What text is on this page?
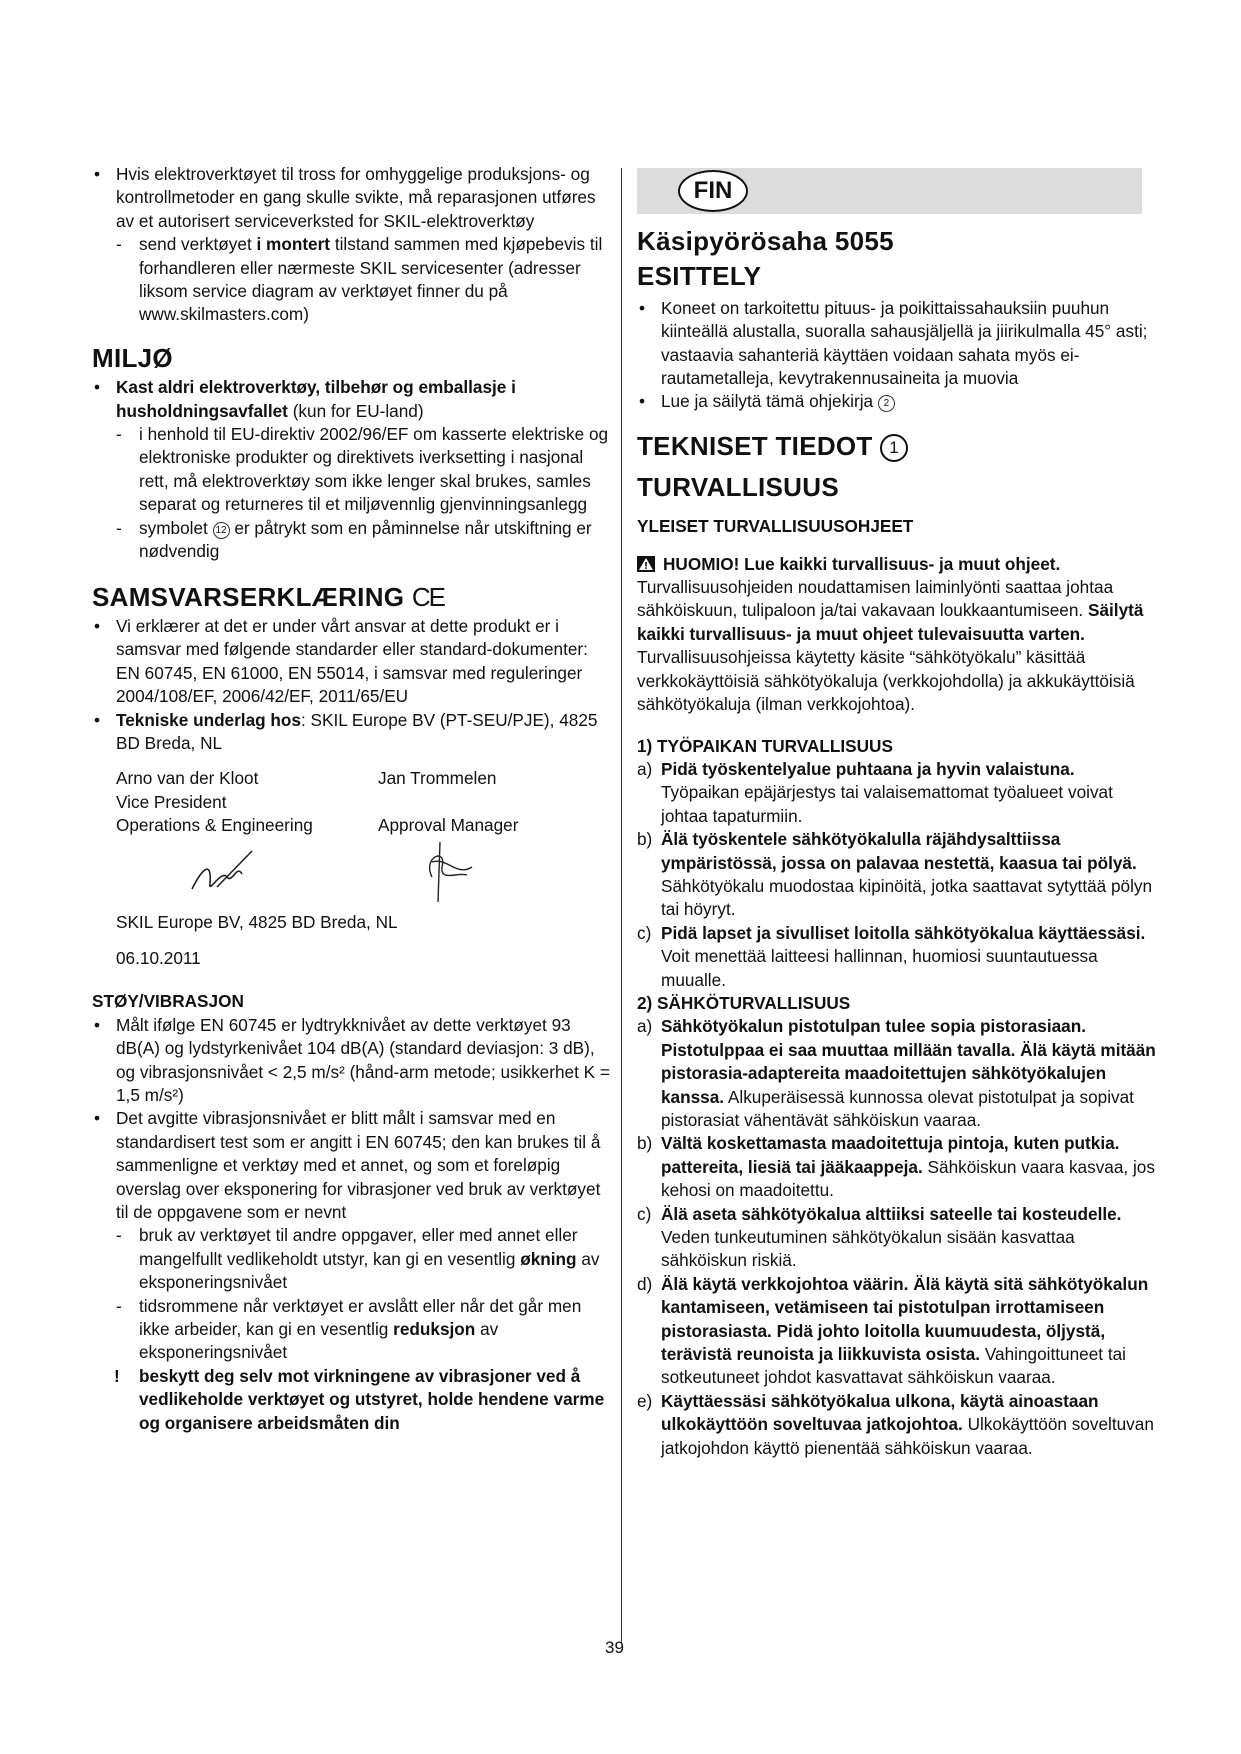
• Hvis elektroverktøyet til tross for omhyggelige produksjons- og kontrollmetoder en gang skulle svikte, må reparasjonen utføres av et autorisert serviceverksted for SKIL-elektroverktøy
- send verktøyet i montert tilstand sammen med kjøpebevis til forhandleren eller nærmeste SKIL servicesenter (adresser liksom service diagram av verktøyet finner du på www.skilmasters.com)
MILJØ
• Kast aldri elektroverktøy, tilbehør og emballasje i husholdningsavfallet (kun for EU-land)
- i henhold til EU-direktiv 2002/96/EF om kasserte elektriske og elektroniske produkter og direktivets iverksetting i nasjonal rett, må elektroverktøy som ikke lenger skal brukes, samles separat og returneres til et miljøvennlig gjenvinningsanlegg
- symbolet 12 er påtrykt som en påminnelse når utskiftning er nødvendig
SAMSVARSERKLÆRING CE
• Vi erklærer at det er under vårt ansvar at dette produkt er i samsvar med følgende standarder eller standard-dokumenter: EN 60745, EN 61000, EN 55014, i samsvar med reguleringer 2004/108/EF, 2006/42/EF, 2011/65/EU
• Tekniske underlag hos: SKIL Europe BV (PT-SEU/PJE), 4825 BD Breda, NL
Arno van der Kloot
Vice President
Operations & Engineering
Jan Trommelen
Approval Manager
SKIL Europe BV, 4825 BD Breda, NL
06.10.2011
STØY/VIBRASJON
• Målt ifølge EN 60745 er lydtrykknivået av dette verktøyet 93 dB(A) og lydstyrkenivået 104 dB(A) (standard deviasjon: 3 dB), og vibrasjonsnivået < 2,5 m/s² (hånd-arm metode; usikkerhet K = 1,5 m/s²)
• Det avgitte vibrasjonsnivået er blitt målt i samsvar med en standardisert test som er angitt i EN 60745; den kan brukes til å sammenligne et verktøy med et annet, og som et foreløpig overslag over eksponering for vibrasjoner ved bruk av verktøyet til de oppgavene som er nevnt
- bruk av verktøyet til andre oppgaver, eller med annet eller mangelfullt vedlikeholdt utstyr, kan gi en vesentlig økning av eksponeringsnivået
- tidsrommene når verktøyet er avslått eller når det går men ikke arbeider, kan gi en vesentlig reduksjon av eksponeringsnivået
! beskytt deg selv mot virkningene av vibrasjoner ved å vedlikeholde verktøyet og utstyret, holde hendene varme og organisere arbeidsmåten din
FIN
Käsipyörösaha 5055
ESITTELY
• Koneet on tarkoitettu pituus- ja poikittaissahauksiin puuhun kiinteällä alustalla, suoralla sahausjäljellä ja jiirikulmalla 45° asti; vastaavia sahanteriä käyttäen voidaan sahata myös ei-rautametalleja, kevytrakennusaineita ja muovia
• Lue ja säilytä tämä ohjekirja 2
TEKNISET TIEDOT 1
TURVALLISUUS
YLEISET TURVALLISUUSOHJEET

HUOMIO! Lue kaikki turvallisuus- ja muut ohjeet. Turvallisuusohjeiden noudattamisen laiminlyönti saattaa johtaa sähköiskuun, tulipaloon ja/tai vakavaan loukkaantumiseen. Säilytä kaikki turvallisuus- ja muut ohjeet tulevaisuutta varten. Turvallisuusohjeissa käytetty käsite “sähkötyökalu” käsittää verkkokäyttöisiä sähkötyökaluja (verkkojohdolla) ja akkukäyttöisiä sähkötyökaluja (ilman verkkojohtoa).

1) TYÖPAIKAN TURVALLISUUS
a) Pidä työskentelyalue puhtaana ja hyvin valaistuna. Työpaikan epäjärjestys tai valaisemattomat työalueet voivat johtaa tapaturmiin.
b) Älä työskentele sähkötyökalulla räjähdysalttiissa ympäristössä, jossa on palavaa nestettä, kaasua tai pölyä. Sähkötyökalu muodostaa kipinöitä, jotka saattavat sytyttää pölyn tai höyryt.
c) Pidä lapset ja sivulliset loitolla sähkötyökalua käyttäessäsi. Voit menettää laitteesi hallinnan, huomiosi suuntautuessa muualle.
2) SÄHKÖTURVALLISUUS
a) Sähkötyökalun pistotulpan tulee sopia pistorasiaan. Pistotulppaa ei saa muuttaa millään tavalla. Älä käytä mitään pistorasia-adaptereita maadoitettujen sähkötyökalujen kanssa. Alkuperäisessä kunnossa olevat pistotulpat ja sopivat pistorasiat vähentävät sähköiskun vaaraa.
b) Vältä koskettamasta maadoitettuja pintoja, kuten putkia. pattereita, liesiä tai jääkaappeja. Sähköiskun vaara kasvaa, jos kehosi on maadoitettu.
c) Älä aseta sähkötyökalua alttiiksi sateelle tai kosteudelle. Veden tunkeutuminen sähkötyökalun sisään kasvattaa sähköiskun riskiä.
d) Älä käytä verkkojohtoa väärin. Älä käytä sitä sähkötyökalun kantamiseen, vetämiseen tai pistotulpan irrottamiseen pistorasiasta. Pidä johto loitolla kuumuudesta, öljystä, terävistä reunoista ja liikkuvista osista. Vahingoittuneet tai sotkeutuneet johdot kasvattavat sähköiskun vaaraa.
e) Käyttäessäsi sähkötyökalua ulkona, käytä ainoastaan ulkokäyttöön soveltuvaa jatkojohtoa. Ulkokäyttöön soveltuvan jatkojohdon käyttö pienentää sähköiskun vaaraa.
39
